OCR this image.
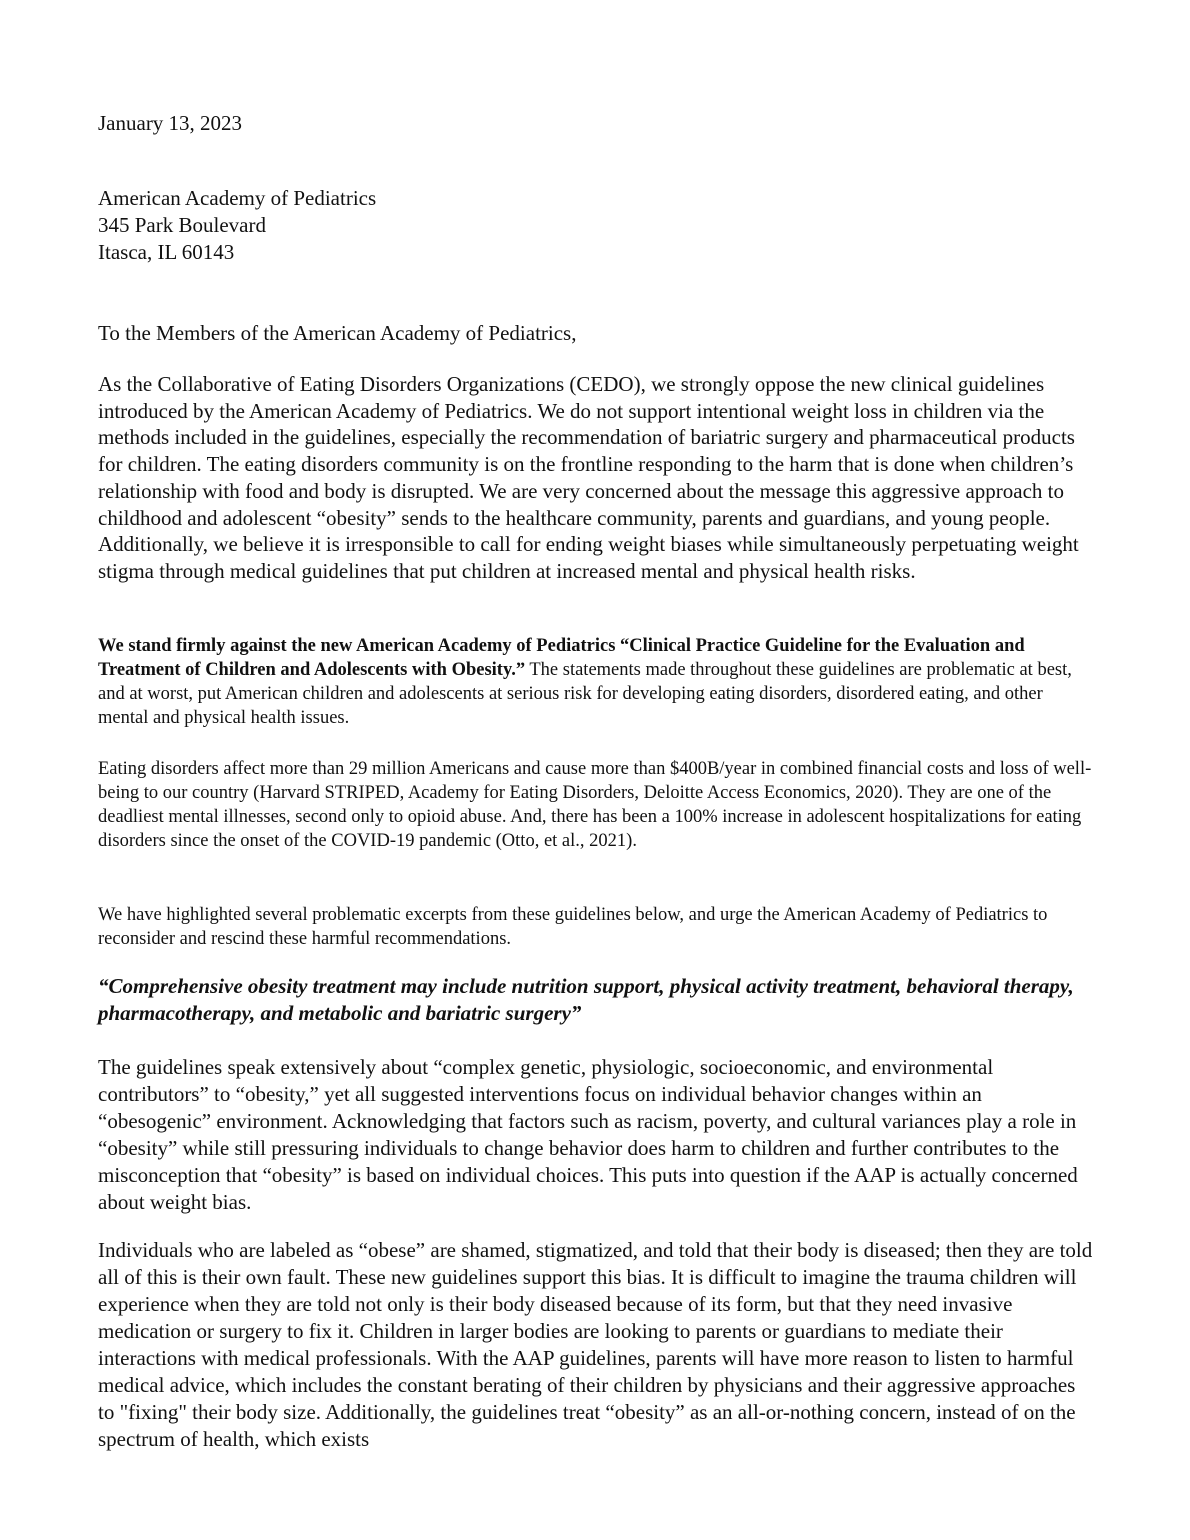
January 13, 2023

American Academy of Pediatrics
345 Park Boulevard
Itasca, IL 60143

To the Members of the American Academy of Pediatrics,

As the Collaborative of Eating Disorders Organizations (CEDO), we strongly oppose the new clinical guidelines introduced by the American Academy of Pediatrics. We do not support intentional weight loss in children via the methods included in the guidelines, especially the recommendation of bariatric surgery and pharmaceutical products for children. The eating disorders community is on the frontline responding to the harm that is done when children’s relationship with food and body is disrupted. We are very concerned about the message this aggressive approach to childhood and adolescent “obesity” sends to the healthcare community, parents and guardians, and young people. Additionally, we believe it is irresponsible to call for ending weight biases while simultaneously perpetuating weight stigma through medical guidelines that put children at increased mental and physical health risks.

We stand firmly against the new American Academy of Pediatrics “Clinical Practice Guideline for the Evaluation and Treatment of Children and Adolescents with Obesity.” The statements made throughout these guidelines are problematic at best, and at worst, put American children and adolescents at serious risk for developing eating disorders, disordered eating, and other mental and physical health issues.

Eating disorders affect more than 29 million Americans and cause more than $400B/year in combined financial costs and loss of well-being to our country (Harvard STRIPED, Academy for Eating Disorders, Deloitte Access Economics, 2020). They are one of the deadliest mental illnesses, second only to opioid abuse. And, there has been a 100% increase in adolescent hospitalizations for eating disorders since the onset of the COVID-19 pandemic (Otto, et al., 2021).

We have highlighted several problematic excerpts from these guidelines below, and urge the American Academy of Pediatrics to reconsider and rescind these harmful recommendations.

“Comprehensive obesity treatment may include nutrition support, physical activity treatment, behavioral therapy, pharmacotherapy, and metabolic and bariatric surgery”

The guidelines speak extensively about “complex genetic, physiologic, socioeconomic, and environmental contributors” to “obesity,” yet all suggested interventions focus on individual behavior changes within an “obesogenic” environment. Acknowledging that factors such as racism, poverty, and cultural variances play a role in “obesity” while still pressuring individuals to change behavior does harm to children and further contributes to the misconception that “obesity” is based on individual choices. This puts into question if the AAP is actually concerned about weight bias.

Individuals who are labeled as “obese” are shamed, stigmatized, and told that their body is diseased; then they are told all of this is their own fault. These new guidelines support this bias. It is difficult to imagine the trauma children will experience when they are told not only is their body diseased because of its form, but that they need invasive medication or surgery to fix it. Children in larger bodies are looking to parents or guardians to mediate their interactions with medical professionals. With the AAP guidelines, parents will have more reason to listen to harmful medical advice, which includes the constant berating of their children by physicians and their aggressive approaches to "fixing" their body size. Additionally, the guidelines treat “obesity” as an all-or-nothing concern, instead of on the spectrum of health, which exists
